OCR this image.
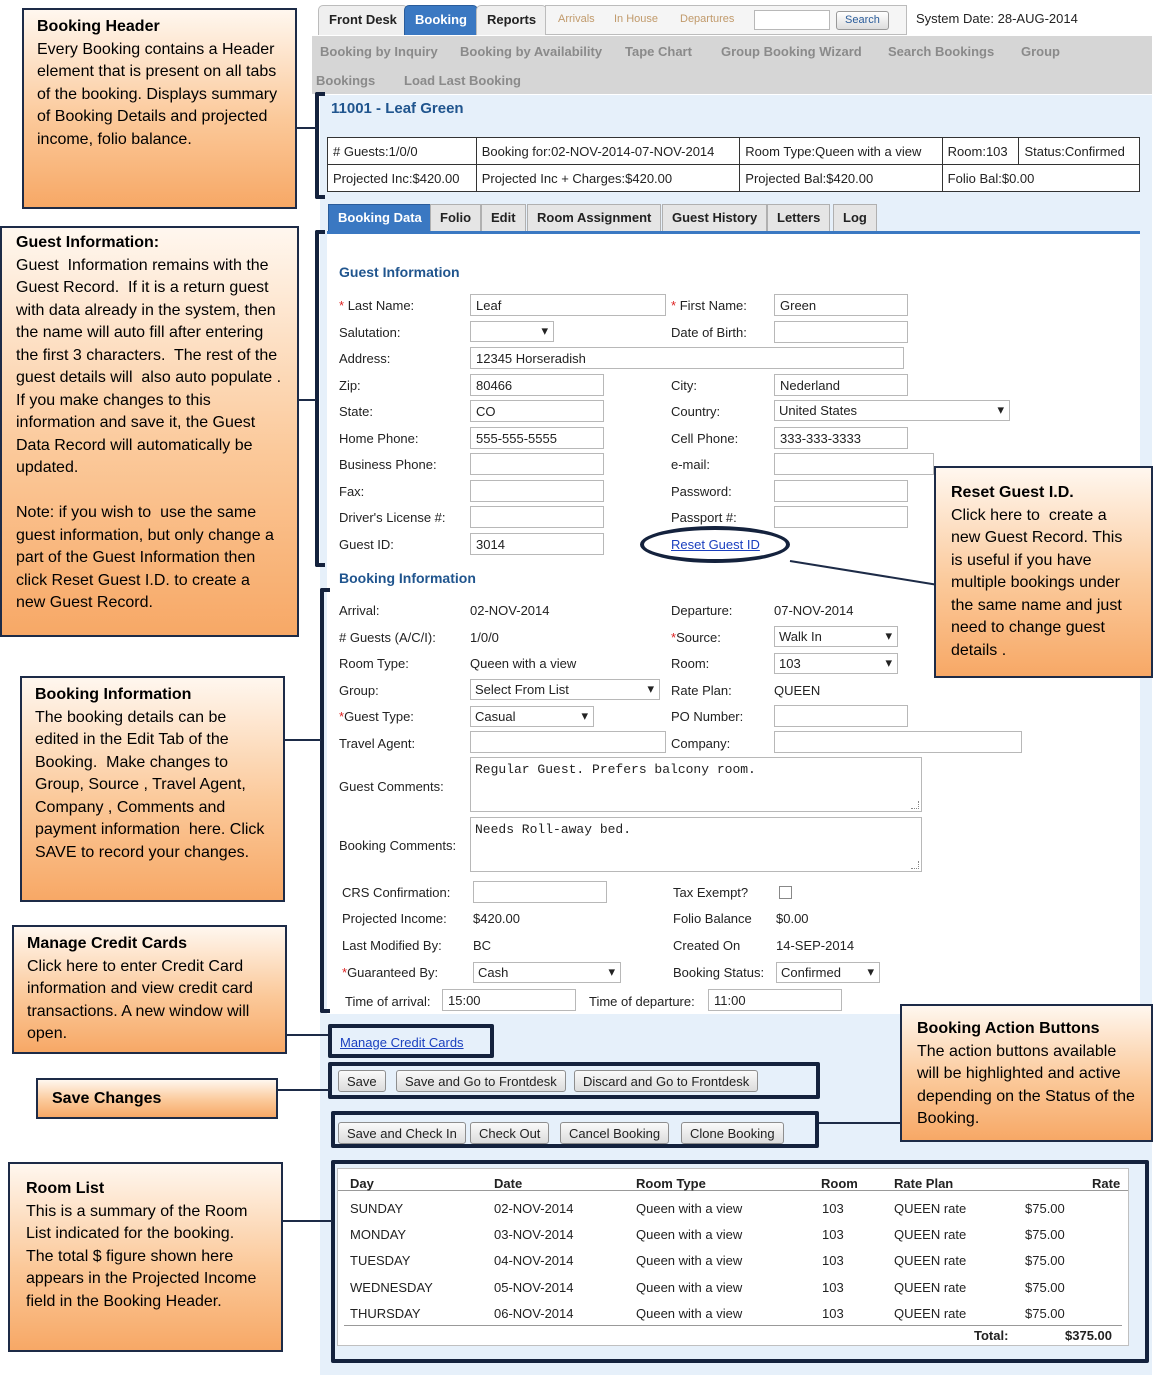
Front Desk	Booking	Reports	Arrivals In House Departures	Search	System Date: 28-AUG-2014
Booking by Inquiry Booking by Availability Tape Chart Group Booking Wizard Search Bookings Group
Bookings Load Last Booking
11001 - Leaf Green
# Guests:1/0/0	Booking for:02-NOV-2014-07-NOV-2014	Room Type:Queen with a view	Room:103	Status:Confirmed
Projected Inc:$420.00	Projected Inc + Charges:$420.00	Projected Bal:$420.00	Folio Bal:$0.00	
Booking Data	Folio	Edit	Room Assignment	Guest History	Letters	Log
Guest Information
* Last Name:
Leaf	* First Name:
Green
Salutation: ▾	Date of Birth:
Address:
12345 Horseradish
Zip:
80466	City:
Nederland
State:
CO	Country:	United States ▾
Home Phone:
555-555-5555	Cell Phone:
333-333-3333
Business Phone:	e-mail:
Fax:	Password:
Driver's License #:	Passport #:
Guest ID:
3014	Reset Guest ID
Booking Information
Arrival:	02-NOV-2014	Departure:	07-NOV-2014
# Guests (A/C/I):	1/0/0	*Source:	Walk In ▾
Room Type:	Queen with a view	Room:	103 ▾
Group:	Select From List ▾	Rate Plan:	QUEEN
*Guest Type:	Casual ▾	PO Number:
Travel Agent:	Company:
Guest Comments:
Regular Guest. Prefers balcony room.
Booking Comments:
Needs Roll-away bed.
CRS Confirmation:	Tax Exempt?
Projected Income: $420.00	Folio Balance $0.00
Last Modified By: BC	Created On	14-SEP-2014
*Guaranteed By:	Cash ▾	Booking Status:	Confirmed ▾
Time of arrival:
15:00	Time of departure:
11:00
Manage Credit Cards
Save	Save and Go to Frontdesk	Discard and Go to Frontdesk
Save and Check In	Check Out	Cancel Booking	Clone Booking
Day	Date	Room Type	Room	Rate Plan	Rate
SUNDAY	02-NOV-2014	Queen with a view	103	QUEEN rate	$75.00
MONDAY	03-NOV-2014	Queen with a view	103	QUEEN rate	$75.00
TUESDAY	04-NOV-2014	Queen with a view	103	QUEEN rate	$75.00
WEDNESDAY	05-NOV-2014	Queen with a view	103	QUEEN rate	$75.00
THURSDAY	06-NOV-2014	Queen with a view	103	QUEEN rate	$75.00
Total:	$375.00
Booking Header
Every Booking contains a Header element that is present on all tabs of the booking. Displays summary of Booking Details and projected income, folio balance.
Guest Information:
Guest  Information remains with the Guest Record.  If it is a return guest with data already in the system, then the name will auto fill after entering the first 3 characters.  The rest of the guest details will  also auto populate . If you make changes to this information and save it, the Guest Data Record will automatically be updated.

Note: if you wish to  use the same guest information, but only change a part of the Guest Information then click Reset Guest I.D. to create a new Guest Record.
Booking Information
The booking details can be edited in the Edit Tab of the Booking.  Make changes to Group, Source , Travel Agent, Company , Comments and payment information  here. Click SAVE to record your changes.
Manage Credit Cards
Click here to enter Credit Card information and view credit card transactions. A new window will open.
Save Changes
Room List
This is a summary of the Room List indicated for the booking. The total $ figure shown here appears in the Projected Income field in the Booking Header.
Reset Guest I.D.
Click here to  create a new Guest Record. This is useful if you have multiple bookings under the same name and just need to change guest details .
Booking Action Buttons
The action buttons available will be highlighted and active depending on the Status of the Booking.
